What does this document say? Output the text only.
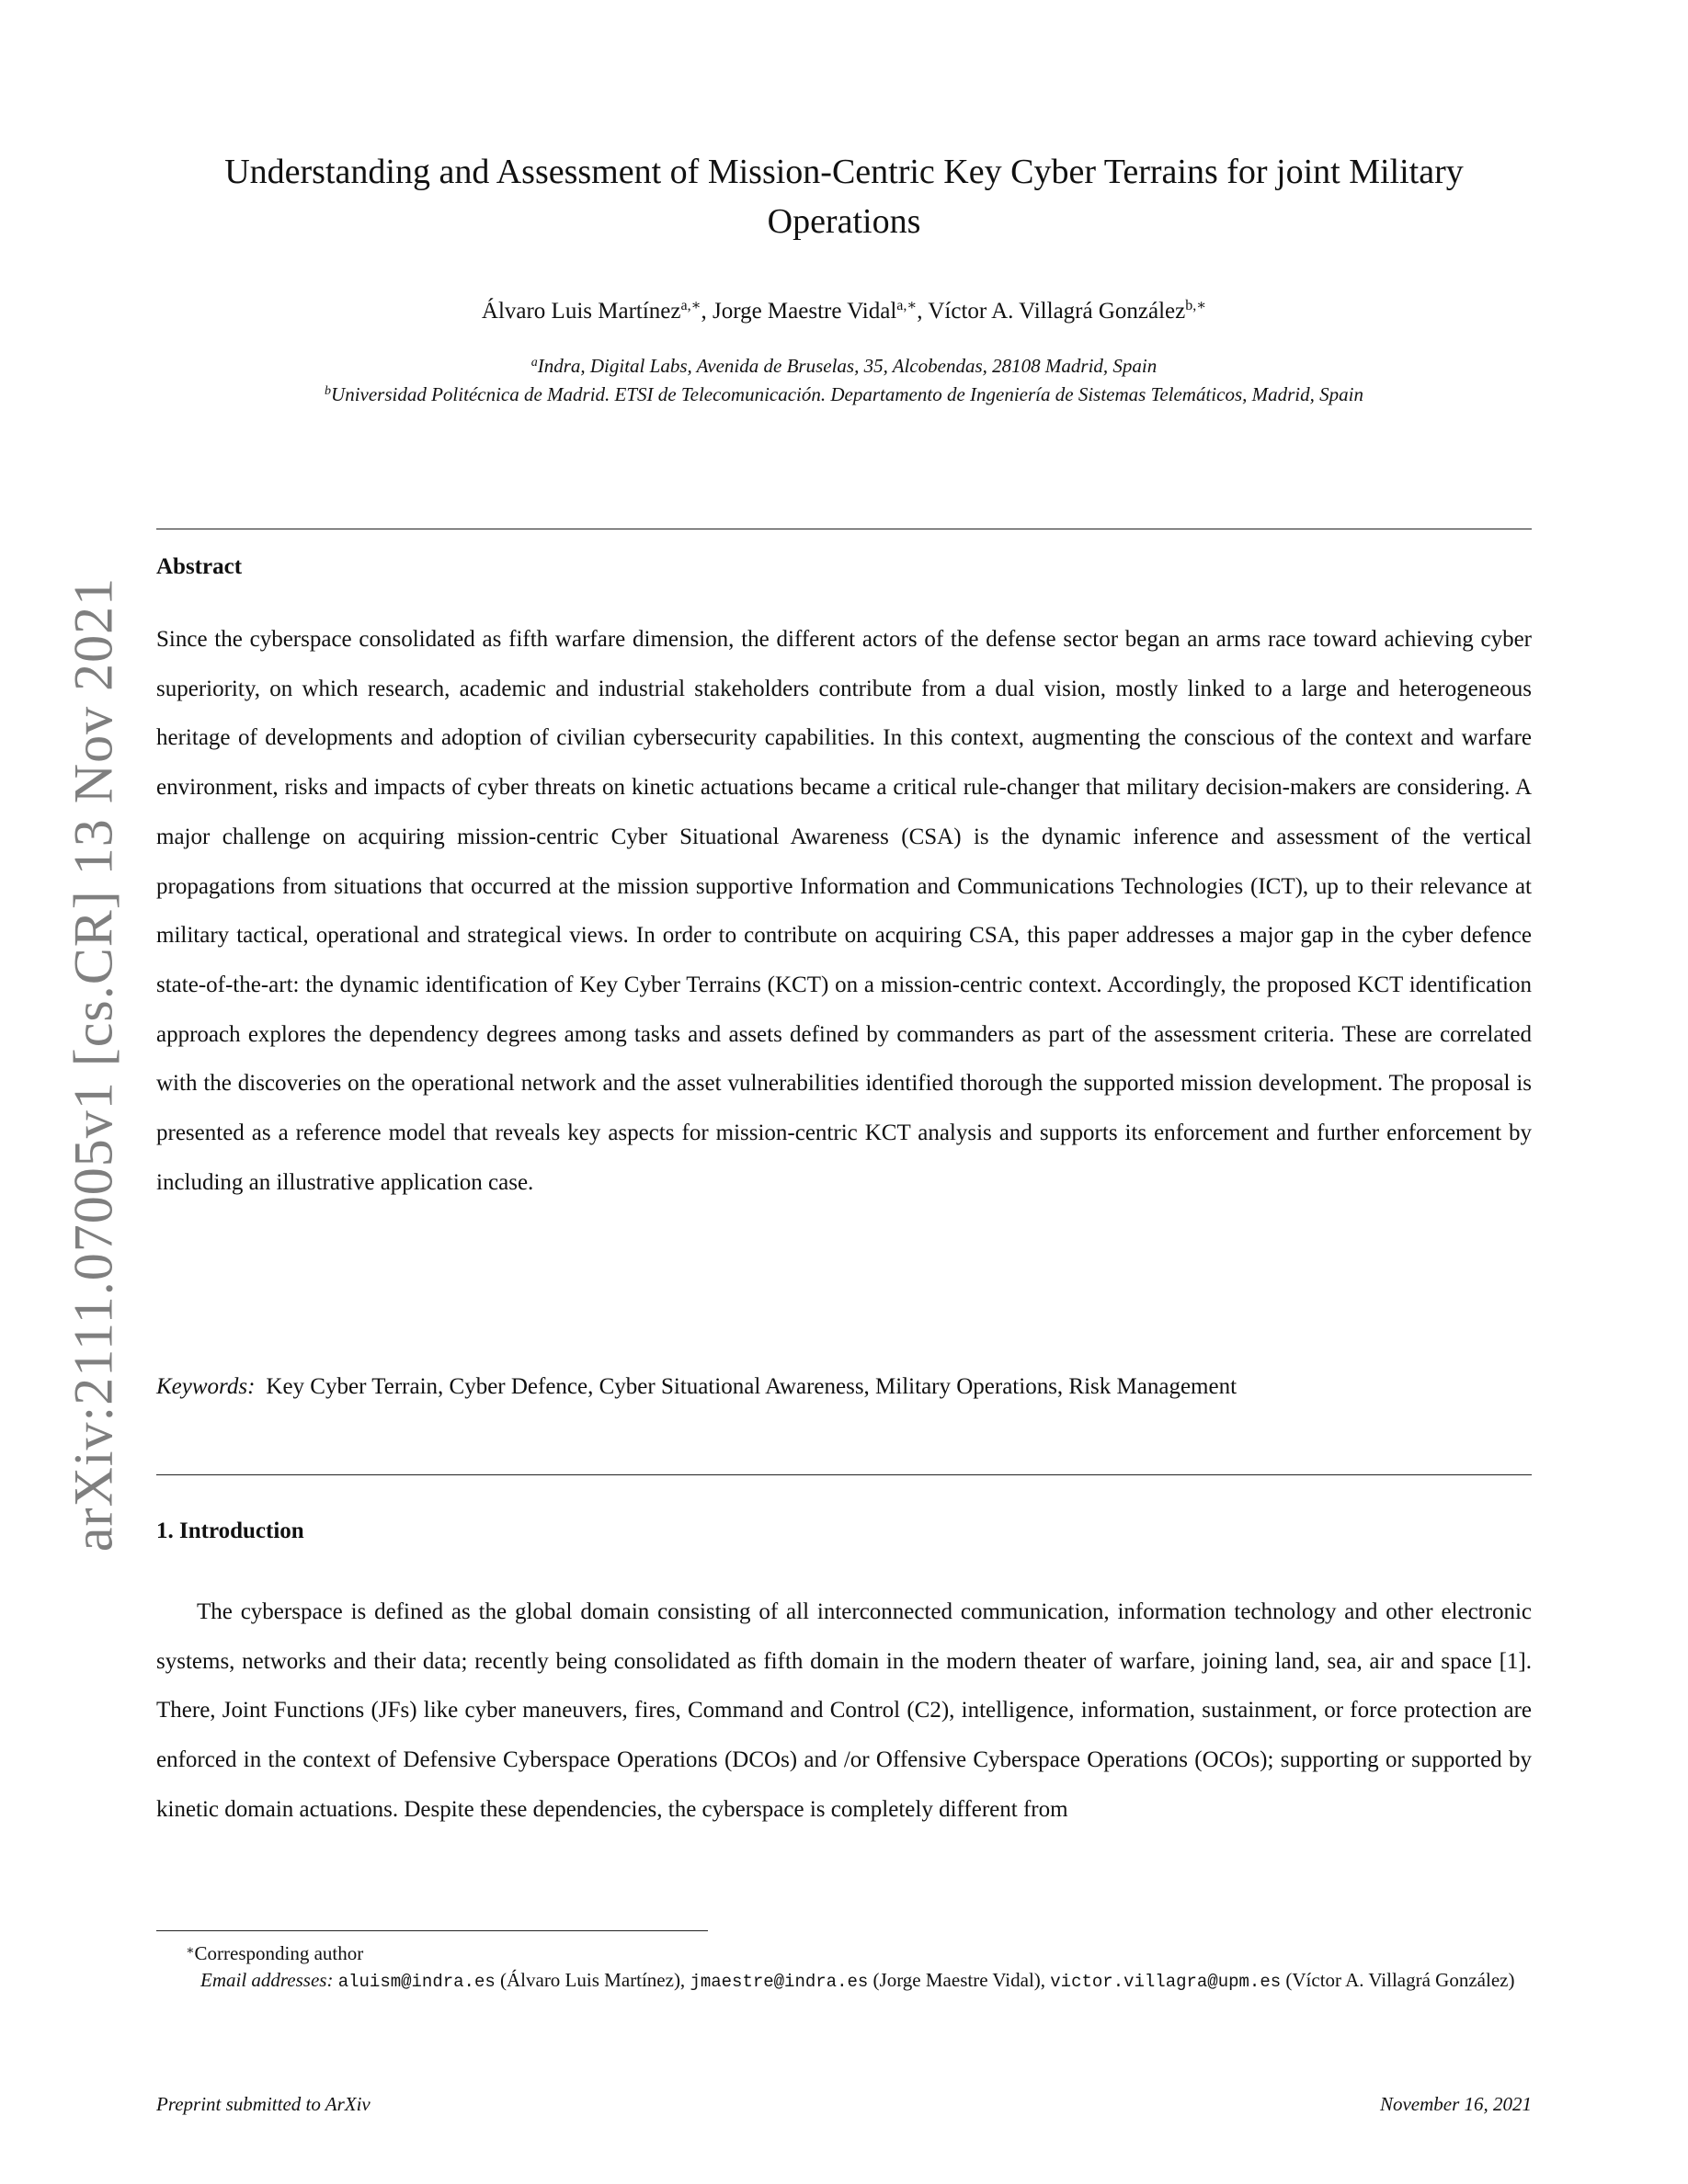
arXiv:2111.07005v1 [cs.CR] 13 Nov 2021
Understanding and Assessment of Mission-Centric Key Cyber Terrains for joint Military Operations
Álvaro Luis Martínez$^{a,∗}$, Jorge Maestre Vidal$^{a,∗}$, Víctor A. Villagrá González$^{b,∗}$
$^a$Indra, Digital Labs, Avenida de Bruselas, 35, Alcobendas, 28108 Madrid, Spain
$^b$Universidad Politécnica de Madrid. ETSI de Telecomunicación. Departamento de Ingeniería de Sistemas Telemáticos, Madrid, Spain
Abstract

Since the cyberspace consolidated as fifth warfare dimension, the different actors of the defense sector began an arms race toward achieving cyber superiority, on which research, academic and industrial stakeholders contribute from a dual vision, mostly linked to a large and heterogeneous heritage of developments and adoption of civilian cybersecurity capabilities. In this context, augmenting the conscious of the context and warfare environment, risks and impacts of cyber threats on kinetic actuations became a critical rule-changer that military decision-makers are considering. A major challenge on acquiring mission-centric Cyber Situational Awareness (CSA) is the dynamic inference and assessment of the vertical propagations from situations that occurred at the mission supportive Information and Communications Technologies (ICT), up to their relevance at military tactical, operational and strategical views. In order to contribute on acquiring CSA, this paper addresses a major gap in the cyber defence state-of-the-art: the dynamic identification of Key Cyber Terrains (KCT) on a mission-centric context. Accordingly, the proposed KCT identification approach explores the dependency degrees among tasks and assets defined by commanders as part of the assessment criteria. These are correlated with the discoveries on the operational network and the asset vulnerabilities identified thorough the supported mission development. The proposal is presented as a reference model that reveals key aspects for mission-centric KCT analysis and supports its enforcement and further enforcement by including an illustrative application case.

Keywords: Key Cyber Terrain, Cyber Defence, Cyber Situational Awareness, Military Operations, Risk Management

1. Introduction

The cyberspace is defined as the global domain consisting of all interconnected communication, information technology and other electronic systems, networks and their data; recently being consolidated as fifth domain in the modern theater of warfare, joining land, sea, air and space [1]. There, Joint Functions (JFs) like cyber maneuvers, fires, Command and Control (C2), intelligence, information, sustainment, or force protection are enforced in the context of Defensive Cyberspace Operations (DCOs) and /or Offensive Cyberspace Operations (OCOs); supporting or supported by kinetic domain actuations. Despite these dependencies, the cyberspace is completely different from

∗Corresponding author
Email addresses: aluism@indra.es (Álvaro Luis Martínez), jmaestre@indra.es (Jorge Maestre Vidal), victor.villagra@upm.es (Víctor A. Villagrá González)
Preprint submitted to ArXiv	November 16, 2021
